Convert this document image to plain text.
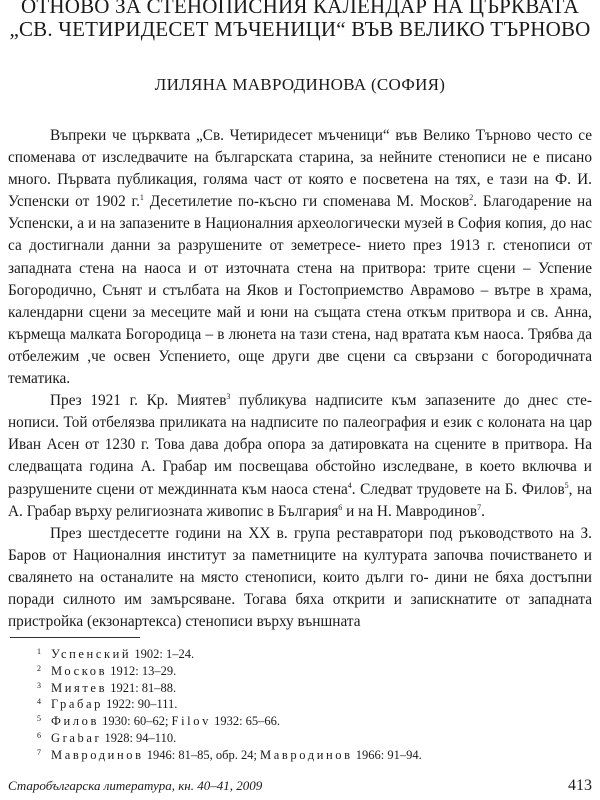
ОТНОВО ЗА СТЕНОПИСНИЯ КАЛЕНДАР НА ЦЪРКВАТА
„СВ. ЧЕТИРИДЕСЕТ МЪЧЕНИЦИ“ ВЪВ ВЕЛИКО ТЪРНОВО
ЛИЛЯНА МАВРОДИНОВА (СОФИЯ)

Въпреки че църквата „Св. Четиридесет мъченици“ във Велико Търново често се споменава от изследвачите на българската старина, за нейните стенописи не е писано много. Първата публикация, голяма част от която е посветена на тях, е тази на Ф. И. Успенски от 1902 г.$^1$ Десетилетие по-късно ги споменава М. Москов$^2$. Благодарение на Успенски, а и на запазените в Националния археологически музей в София копия, до нас са достигнали данни за разрушените от земетресе- нието през 1913 г. стенописи от западната стена на наоса и от източната стена на притвора: трите сцени – Успение Богородично, Сънят и стълбата на Яков и Гостоприемство Аврамово – вътре в храма, календарни сцени за месеците май и юни на същата стена откъм притвора и св. Анна, кърмеща малката Богородица – в люнета на тази стена, над вратата към наоса. Трябва да отбележим ,че освен Успението, още други две сцени са свързани с богородичната тематика.

През 1921 г. Кр. Миятев$^3$ публикува надписите към запазените до днес сте- нописи. Той отбелязва приликата на надписите по палеография и език с колоната на цар Иван Асен от 1230 г. Това дава добра опора за датировката на сцените в притвора. На следващата година А. Грабар им посвещава обстойно изследване, в което включва и разрушените сцени от междинната към наоса стена$^4$. Следват трудовете на Б. Филов$^5$, на А. Грабар върху религиозната живопис в България$^6$ и на Н. Мавродинов$^7$.

През шестдесетте години на XX в. група реставратори под ръководството на З. Баров от Националния институт за паметниците на културата започва почистването и свалянето на останалите на място стенописи, които дълги го- дини не бяха достъпни поради силното им замърсяване. Тогава бяха открити и запискнатите от западната пристройка (екзонартекса) стенописи върху външната

1 Успенский 1902: 1–24.
2 Москов 1912: 13–29.
3 Миятев 1921: 81–88.
4 Грабар 1922: 90–111.
5 Филов 1930: 60–62; Filov 1932: 65–66.
6 Grabar 1928: 94–110.
7 Мавродинов 1946: 81–85, обр. 24; Мавродинов 1966: 91–94.
Старобългарска литература, кн. 40–41, 2009	413
